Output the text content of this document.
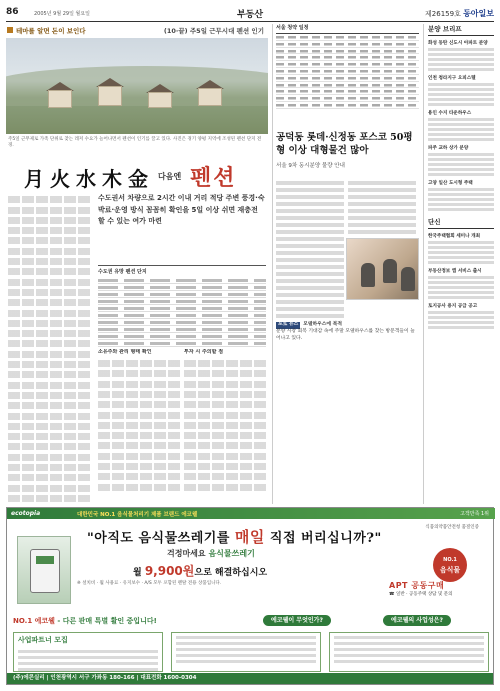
86	2005년 9월 29일 월요일	부동산	제26159호 동아일보
테마를 알면 돈이 보인다	(10·끝) 주5일 근무시대 펜션 인기
주5일 근무제로 가족 단위로 찾는 레저 수요가 늘어나면서 펜션이 인기를 끌고 있다. 사진은 경기 양평 지역에 조성된 펜션 단지 전경.
月火水木金 다음엔 펜션
수도권서 차량으로 2시간 이내 거리 적당 주변 풍경·숙박료·운영 방식 꼼꼼히 확인을 5일 이상 쉬면 재충전 할 수 있는 여가 마련
수도권 유망 펜션 단지
소유주와 관리 형태 확인	투자 시 주의할 점
서울 청약 일정
공덕동 롯데·신정동 포스코 50평형 이상 대형물건 많아
서울 9차 동시분양 물량 안내
포토 뉴스 모델하우스에 북적
분양 시장 회복 기대감 속에 주말 모델하우스를 찾는 방문객들이 늘어나고 있다.
분양 브리프
화성 동탄 신도시 아파트 분양
인천 청라지구 오피스텔
용인 수지 타운하우스
파주 교하 상가 분양
고양 일산 도시형 주택
단신
한국주택협회 세미나 개최
부동산정보 앱 서비스 출시
토지공사 용지 공급 공고
ecotopia	대한민국 NO.1 음식물처리기 제품 브랜드 에코웰	고객만족 1위
"아직도 음식물쓰레기를 매일 직접 버리십니까?"
걱정마세요 음식물쓰레기
월 9,900원으로 해결하십시오
※ 설치비 · 월 사용료 · 유지보수 · A/S 모두 포함된 렌탈 전용 상품입니다.
식품의약품안전청 품질인증
NO.1
음식물
APT 공동구매
☎ 일반 · 공동주택 상담 및 문의
NO.1 에코웰 - 다른 판매 특별 활인 중입니다!	에코웰이 무엇인가?	에코웰의 사업성은?
사업파트너 모집
(주)에콘실리 | 인천광역시 서구 가좌동 180-166 | 대표전화 1600-0304
